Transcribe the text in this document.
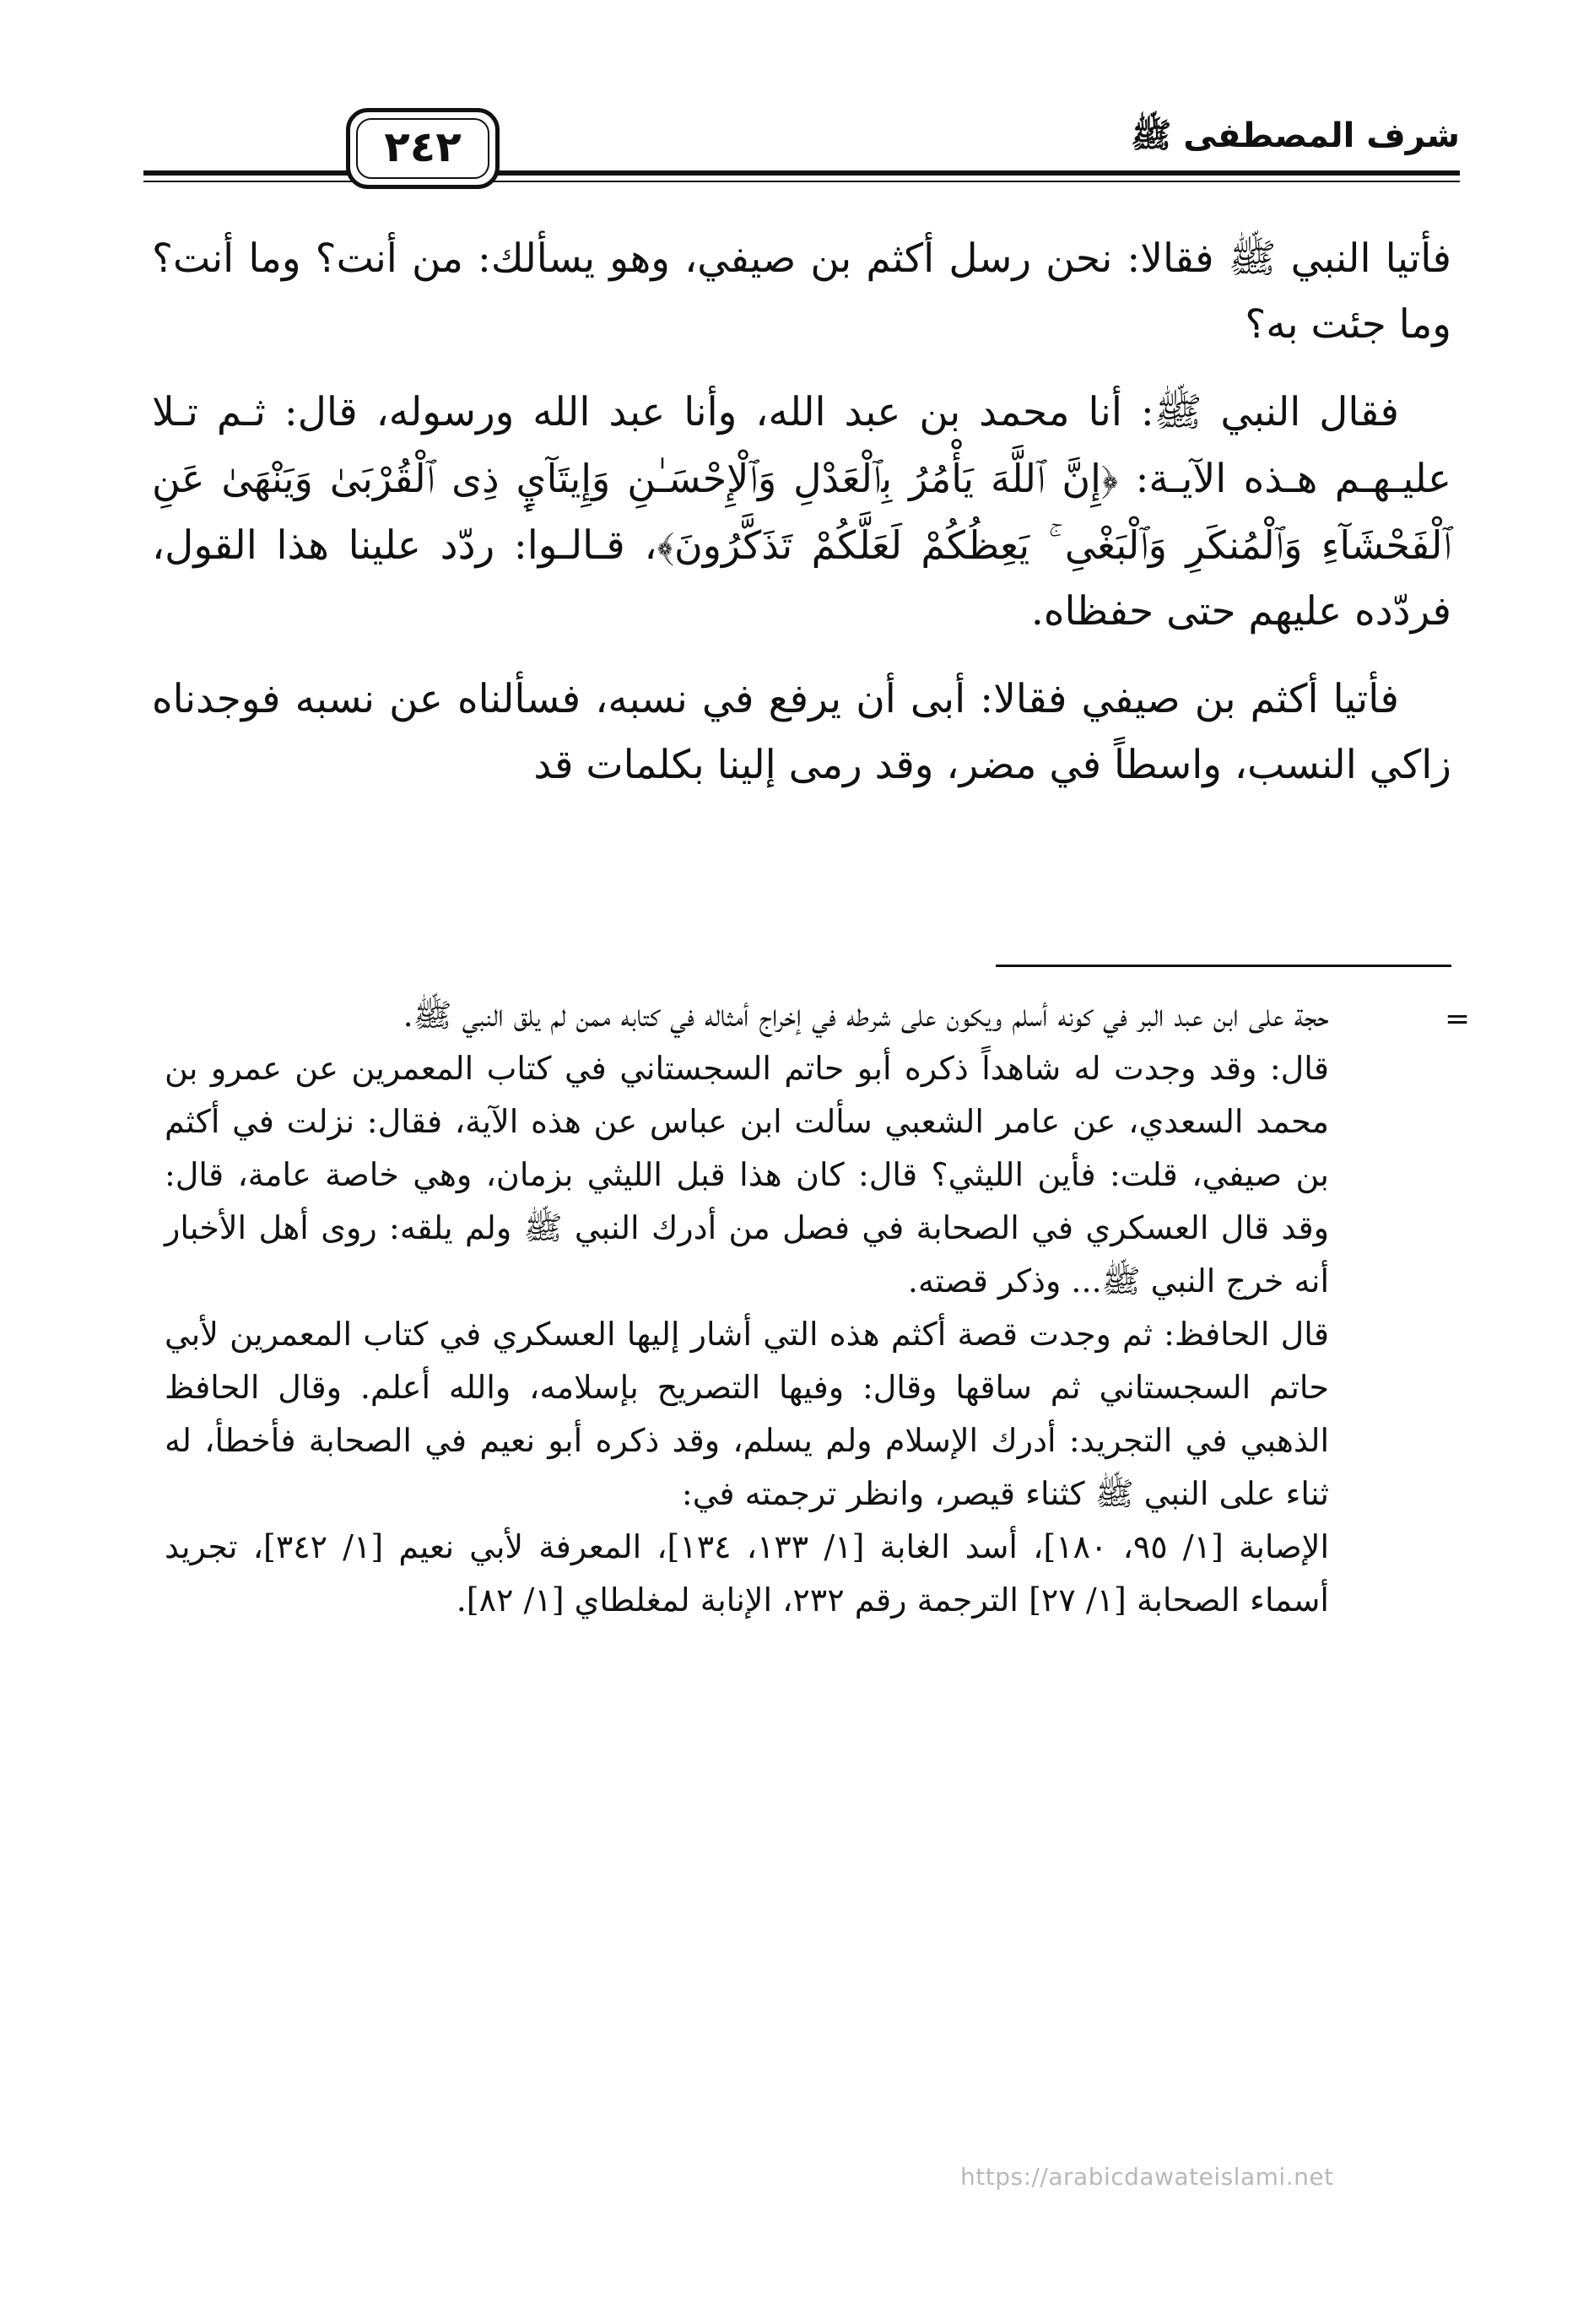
شرف المصطفى ﷺ
٢٤٢

فأتيا النبي ﷺ فقالا: نحن رسل أكثم بن صيفي، وهو يسألك: من أنت؟ وما أنت؟ وما جئت به؟

فقال النبي ﷺ: أنا محمد بن عبد الله، وأنا عبد الله ورسوله، قال: ثـم تـلا عليـهـم هـذه الآيـة: ﴿إِنَّ ٱللَّهَ يَأْمُرُ بِٱلْعَدْلِ وَٱلْإِحْسَـٰنِ وَإِيتَآيِٕ ذِى ٱلْقُرْبَىٰ وَيَنْهَىٰ عَنِ ٱلْفَحْشَآءِ وَٱلْمُنكَرِ وَٱلْبَغْىِ ۚ يَعِظُكُمْ لَعَلَّكُمْ تَذَكَّرُونَ﴾، قـالـوا: ردّد علينا هذا القول، فردّده عليهم حتى حفظاه.

فأتيا أكثم بن صيفي فقالا: أبى أن يرفع في نسبه، فسألناه عن نسبه فوجدناه زاكي النسب، واسطاً في مضر، وقد رمى إلينا بكلمات قد

=

حجة على ابن عبد البر في كونه أسلم ويكون على شرطه في إخراج أمثاله في كتابه ممن لم يلق النبي ﷺ.

قال: وقد وجدت له شاهداً ذكره أبو حاتم السجستاني في كتاب المعمرين عن عمرو بن محمد السعدي، عن عامر الشعبي سألت ابن عباس عن هذه الآية، فقال: نزلت في أكثم بن صيفي، قلت: فأين الليثي؟ قال: كان هذا قبل الليثي بزمان، وهي خاصة عامة، قال: وقد قال العسكري في الصحابة في فصل من أدرك النبي ﷺ ولم يلقه: روى أهل الأخبار أنه خرج النبي ﷺ... وذكر قصته.

قال الحافظ: ثم وجدت قصة أكثم هذه التي أشار إليها العسكري في كتاب المعمرين لأبي حاتم السجستاني ثم ساقها وقال: وفيها التصريح بإسلامه، والله أعلم. وقال الحافظ الذهبي في التجريد: أدرك الإسلام ولم يسلم، وقد ذكره أبو نعيم في الصحابة فأخطأ، له ثناء على النبي ﷺ كثناء قيصر، وانظر ترجمته في:

الإصابة [١/ ٩٥، ١٨٠]، أسد الغابة [١/ ١٣٣، ١٣٤]، المعرفة لأبي نعيم [١/ ٣٤٢]، تجريد أسماء الصحابة [١/ ٢٧] الترجمة رقم ٢٣٢، الإنابة لمغلطاي [١/ ٨٢].

https://arabicdawateislami.net
